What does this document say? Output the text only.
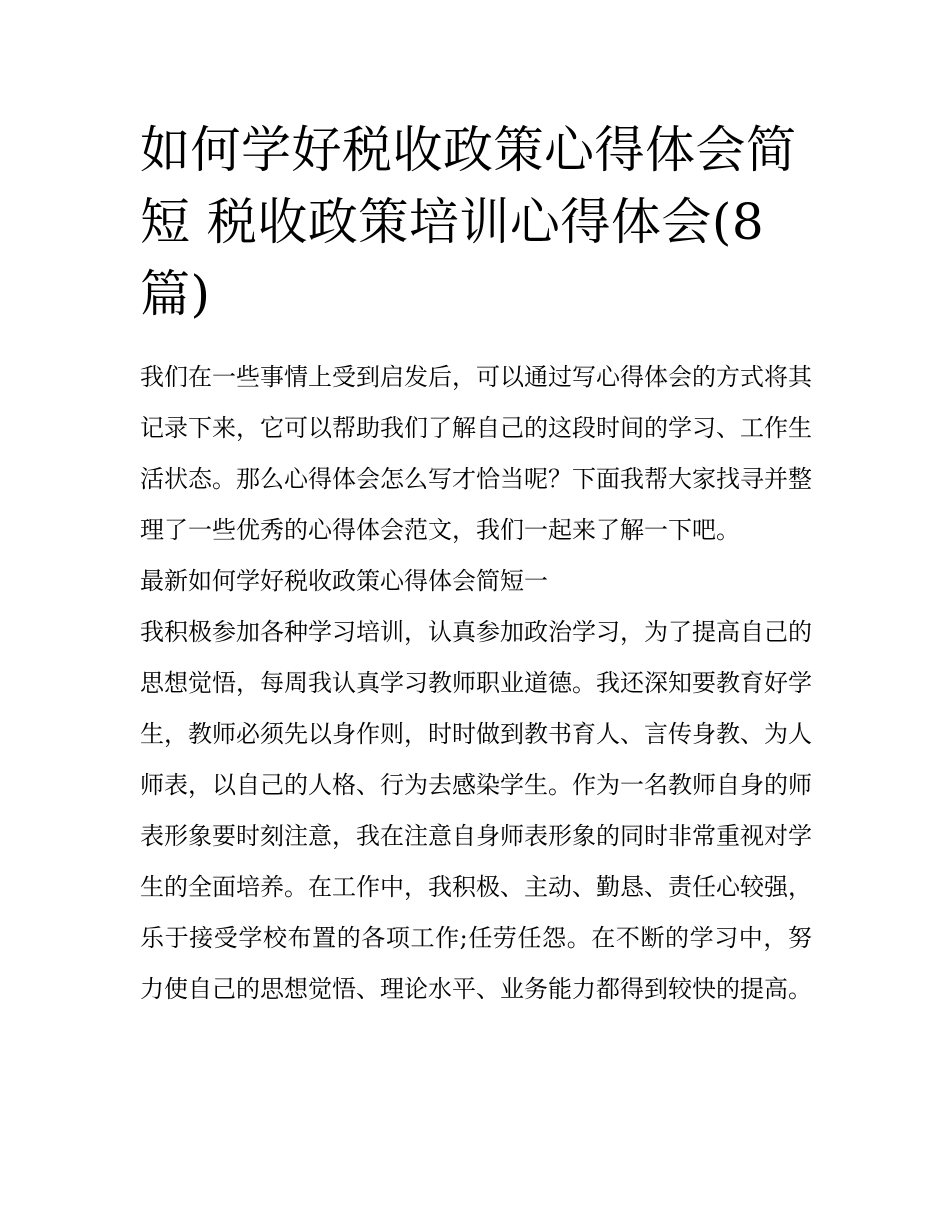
如何学好税收政策心得体会简短 税收政策培训心得体会(8篇)

我们在一些事情上受到启发后，可以通过写心得体会的方式将其记录下来，它可以帮助我们了解自己的这段时间的学习、工作生活状态。那么心得体会怎么写才恰当呢？下面我帮大家找寻并整理了一些优秀的心得体会范文，我们一起来了解一下吧。

最新如何学好税收政策心得体会简短一

我积极参加各种学习培训，认真参加政治学习，为了提高自己的思想觉悟，每周我认真学习教师职业道德。我还深知要教育好学生，教师必须先以身作则，时时做到教书育人、言传身教、为人师表，以自己的人格、行为去感染学生。作为一名教师自身的师表形象要时刻注意，我在注意自身师表形象的同时非常重视对学生的全面培养。在工作中，我积极、主动、勤恳、责任心较强，乐于接受学校布置的各项工作;任劳任怨。在不断的学习中，努力使自己的思想觉悟、理论水平、业务能力都得到较快的提高。
